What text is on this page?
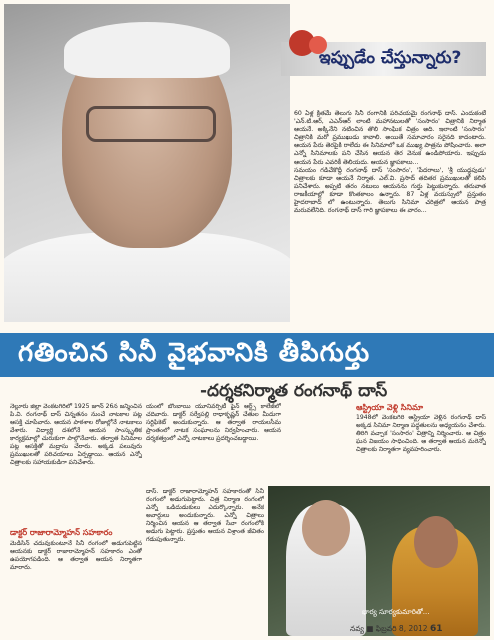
ఇప్పుడేం చేస్తున్నారు?
60 ఏళ్ల క్రితమే తెలుగు సినీ రంగానికి పరిచయమై రంగనాథ్ దాస్. ఎందుకంటే 'ఎన్.టి.ఆర్, ఎఎన్ఆర్ లాంటి మహానటులతో 'సంసారం' చిత్రానికి నిర్మాత ఆయనే. అక్కినేని నటించిన తొలి సాంఘిక చిత్రం అది. ఇలాంటి 'సంసారం' చిత్రానికి మరో ప్రముఖుడు కావాలి. అయితే సమాచారం సరైనది కాదంటారు. ఆయన పేరు తెరపైకి రాలేదు ఈ సినిమాలో ఒక ముఖ్య పాత్రను పోషించారు. అలా ఎన్నో సినిమాలకు పని చేసిన ఆయన తెర వెనుక ఉండిపోయారు. ఇప్పుడు ఆయన పేరు ఎవరికీ తెలియదు. ఆయన జ్ఞాపకాలు...
సమయం గడిచేకొద్దీ రంగనాథ్ దాస్ 'సంసారం', 'పేదరాలు', 'శ్రీ యుద్ధపుడు' చిత్రాలకు కూడా ఆయనే నిర్మాత. ఎల్.వి. ప్రసాద్ తదితర ప్రముఖులతో కలిసి పనిచేశారు. అప్పటి తరం నటులు ఆయనను గుర్తు పెట్టుకున్నారు. తరువాత రాజకీయాల్లో కూడా కొంతకాలం ఉన్నారు. 87 ఏళ్ల వయస్సులో ప్రస్తుతం హైదరాబాద్ లో ఉంటున్నారు. తెలుగు సినిమా చరిత్రలో ఆయన పాత్ర మరువలేనిది. రంగనాథ్ దాస్ గారి జ్ఞాపకాలు ఈ వారం...
గతించిన సినీ వైభవానికి తీపిగుర్తు
-దర్శకనిర్మాత రంగనాథ్ దాస్
నెల్లూరు జిల్లా వెంకటగిరిలో 1925 జూన్ 26న జన్మించిన పి.వి. రంగనాథ్ దాస్ చిన్నతనం నుంచే నాటకాల పట్ల ఆసక్తి చూపేవారు. ఆయన పాఠశాల రోజుల్లోనే నాటకాలు వేశారు. విద్యార్థి దశలోనే ఆయన సాంస్కృతిక కార్యక్రమాల్లో చురుకుగా పాల్గొనేవారు. తర్వాత సినిమాల పట్ల ఆసక్తితో మద్రాసు చేరారు. అక్కడ పలువురు ప్రముఖులతో పరిచయాలు ఏర్పడ్డాయి. ఆయన ఎన్నో చిత్రాలకు సహాయకుడిగా పనిచేశారు.
డాక్టర్ రాజారామ్మోహన్ సహకారం
మెడిసిన్ చదువుకుంటూనే సినీ రంగంలో అడుగుపెట్టిన ఆయనకు డాక్టర్ రాజారామ్మోహన్ సహకారం ఎంతో ఉపయోగపడింది. ఆ తర్వాత ఆయన నిర్మాతగా మారారు.
యంలో బొంబాయి యూనివర్సిటీ ఫైన్ ఆర్ట్స్ కాలేజీలో చదివారు. డాక్టర్ సర్వేపల్లి రాధాకృష్ణన్ చేతుల మీదుగా సర్టిఫికెట్ అందుకున్నారు. ఆ తర్వాత రాయలసీమ ప్రాంతంలో నాటక సంఘాలను నిర్వహించారు. ఆయన దర్శకత్వంలో ఎన్నో నాటకాలు ప్రదర్శించబడ్డాయి.
దాస్. డాక్టర్ రాజారామ్మోహన్ సహకారంతో సినీ రంగంలో అడుగుపెట్టారు. చిత్ర నిర్మాణ రంగంలో ఎన్నో ఒడిదుడుకులు ఎదుర్కొన్నారు. అనేక అవార్డులు అందుకున్నారు. ఎన్నో చిత్రాలు నిర్మించిన ఆయన ఆ తర్వాత సేవా రంగంలోకి అడుగు పెట్టారు. ప్రస్తుతం ఆయన విశ్రాంత జీవితం గడుపుతున్నారు.
ఆస్ట్రియా వెళ్లి సినిమా
1948లో వెంకటగిరి ఆస్ట్రియా వెళ్లిన రంగనాథ్ దాస్ అక్కడ సినిమా నిర్మాణ పద్ధతులను అధ్యయనం చేశారు. తిరిగి వచ్చాక 'సంసారం' చిత్రాన్ని నిర్మించారు. ఆ చిత్రం ఘన విజయం సాధించింది. ఆ తర్వాత ఆయన మరెన్నో చిత్రాలకు నిర్మాతగా వ్యవహరించారు.
భార్య సూర్యకుమారితో...
నవ్య ■ ఫిబ్రవరి 8, 2012 61
